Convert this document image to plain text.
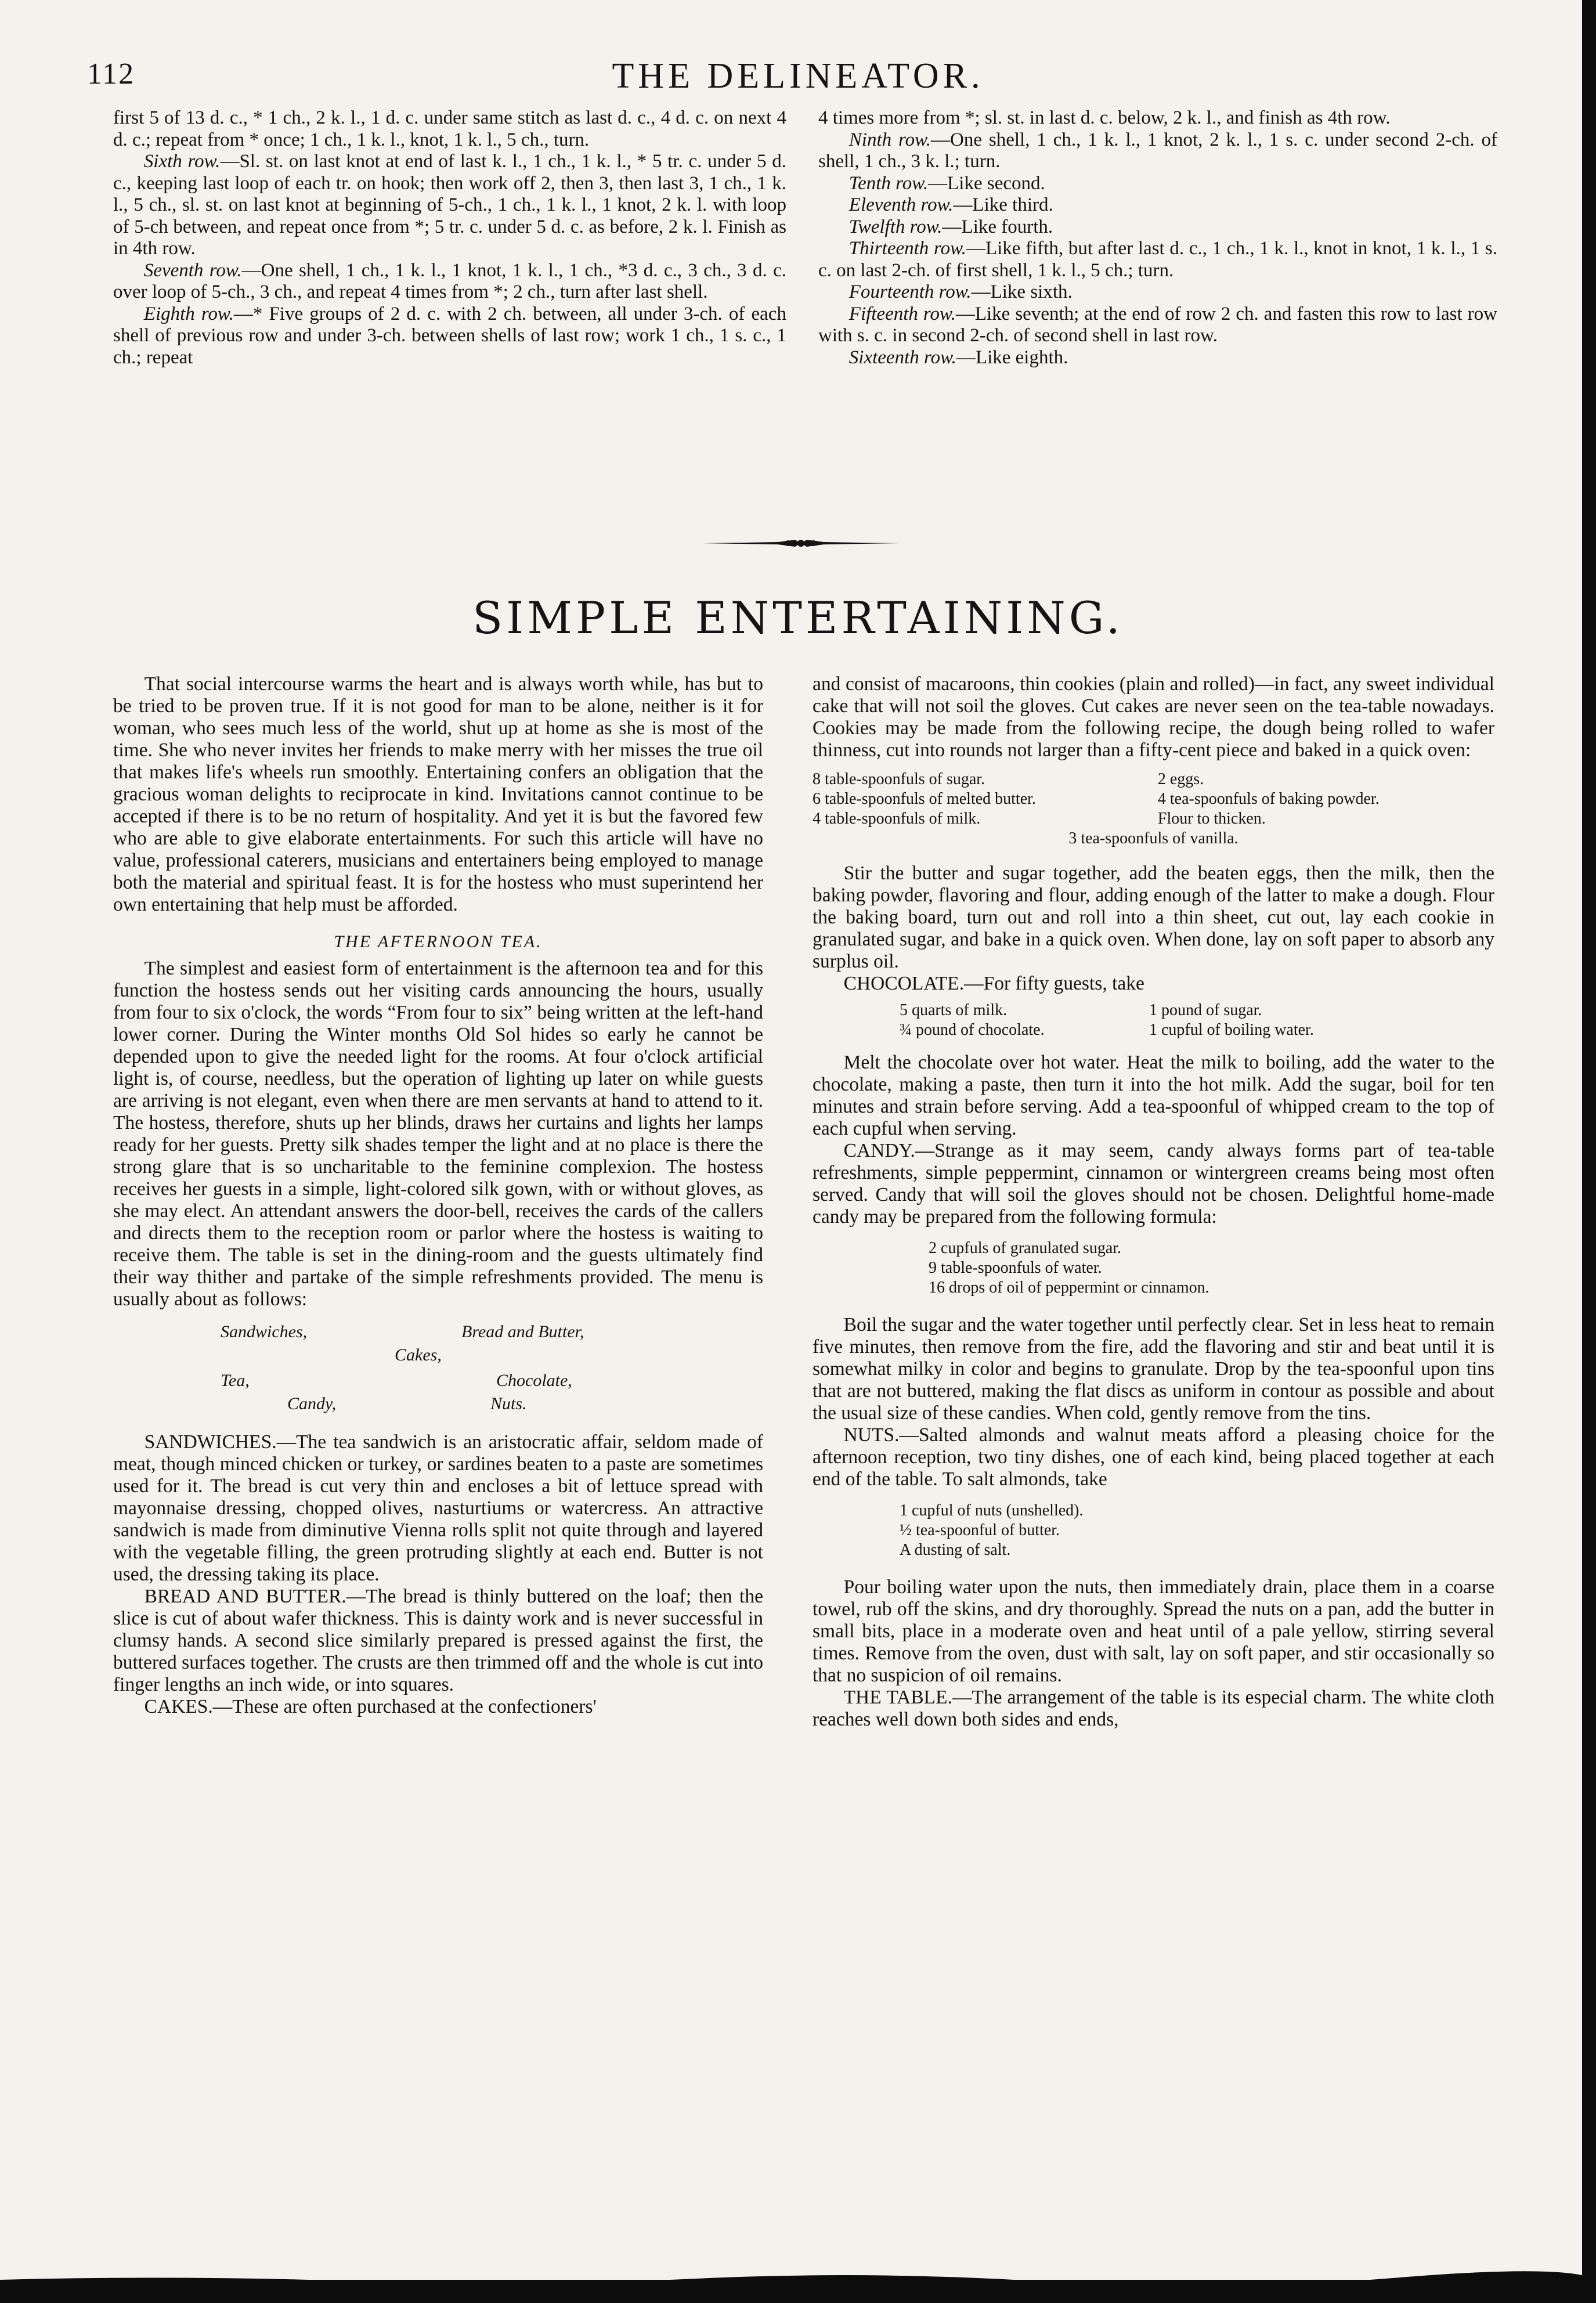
112	THE DELINEATOR.

first 5 of 13 d. c., * 1 ch., 2 k. l., 1 d. c. under same stitch as last d. c., 4 d. c. on next 4 d. c.; repeat from * once; 1 ch., 1 k. l., knot, 1 k. l., 5 ch., turn.

Sixth row.—Sl. st. on last knot at end of last k. l., 1 ch., 1 k. l., * 5 tr. c. under 5 d. c., keeping last loop of each tr. on hook; then work off 2, then 3, then last 3, 1 ch., 1 k. l., 5 ch., sl. st. on last knot at beginning of 5-ch., 1 ch., 1 k. l., 1 knot, 2 k. l. with loop of 5-ch between, and repeat once from *; 5 tr. c. under 5 d. c. as before, 2 k. l. Finish as in 4th row.

Seventh row.—One shell, 1 ch., 1 k. l., 1 knot, 1 k. l., 1 ch., *3 d. c., 3 ch., 3 d. c. over loop of 5-ch., 3 ch., and repeat 4 times from *; 2 ch., turn after last shell.

Eighth row.—* Five groups of 2 d. c. with 2 ch. between, all under 3-ch. of each shell of previous row and under 3-ch. between shells of last row; work 1 ch., 1 s. c., 1 ch.; repeat

4 times more from *; sl. st. in last d. c. below, 2 k. l., and finish as 4th row.

Ninth row.—One shell, 1 ch., 1 k. l., 1 knot, 2 k. l., 1 s. c. under second 2-ch. of shell, 1 ch., 3 k. l.; turn.

Tenth row.—Like second.

Eleventh row.—Like third.

Twelfth row.—Like fourth.

Thirteenth row.—Like fifth, but after last d. c., 1 ch., 1 k. l., knot in knot, 1 k. l., 1 s. c. on last 2-ch. of first shell, 1 k. l., 5 ch.; turn.

Fourteenth row.—Like sixth.

Fifteenth row.—Like seventh; at the end of row 2 ch. and fasten this row to last row with s. c. in second 2-ch. of second shell in last row.

Sixteenth row.—Like eighth.

SIMPLE ENTERTAINING.

That social intercourse warms the heart and is always worth while, has but to be tried to be proven true. If it is not good for man to be alone, neither is it for woman, who sees much less of the world, shut up at home as she is most of the time. She who never invites her friends to make merry with her misses the true oil that makes life's wheels run smoothly. Entertaining confers an obligation that the gracious woman delights to reciprocate in kind. Invitations cannot continue to be accepted if there is to be no return of hospitality. And yet it is but the favored few who are able to give elaborate entertainments. For such this article will have no value, professional caterers, musicians and entertainers being employed to manage both the material and spiritual feast. It is for the hostess who must superintend her own entertaining that help must be afforded.

THE AFTERNOON TEA.

The simplest and easiest form of entertainment is the afternoon tea and for this function the hostess sends out her visiting cards announcing the hours, usually from four to six o'clock, the words “From four to six” being written at the left-hand lower corner. During the Winter months Old Sol hides so early he cannot be depended upon to give the needed light for the rooms. At four o'clock artificial light is, of course, needless, but the operation of lighting up later on while guests are arriving is not elegant, even when there are men servants at hand to attend to it. The hostess, therefore, shuts up her blinds, draws her curtains and lights her lamps ready for her guests. Pretty silk shades temper the light and at no place is there the strong glare that is so uncharitable to the feminine complexion. The hostess receives her guests in a simple, light-colored silk gown, with or without gloves, as she may elect. An attendant answers the door-bell, receives the cards of the callers and directs them to the reception room or parlor where the hostess is waiting to receive them. The table is set in the dining-room and the guests ultimately find their way thither and partake of the simple refreshments provided. The menu is usually about as follows:

Sandwiches,	Bread and Butter,
Cakes,
Tea,	Chocolate,
Candy,	Nuts.

SANDWICHES.—The tea sandwich is an aristocratic affair, seldom made of meat, though minced chicken or turkey, or sardines beaten to a paste are sometimes used for it. The bread is cut very thin and encloses a bit of lettuce spread with mayonnaise dressing, chopped olives, nasturtiums or watercress. An attractive sandwich is made from diminutive Vienna rolls split not quite through and layered with the vegetable filling, the green protruding slightly at each end. Butter is not used, the dressing taking its place.

BREAD AND BUTTER.—The bread is thinly buttered on the loaf; then the slice is cut of about wafer thickness. This is dainty work and is never successful in clumsy hands. A second slice similarly prepared is pressed against the first, the buttered surfaces together. The crusts are then trimmed off and the whole is cut into finger lengths an inch wide, or into squares.

CAKES.—These are often purchased at the confectioners'

and consist of macaroons, thin cookies (plain and rolled)—in fact, any sweet individual cake that will not soil the gloves. Cut cakes are never seen on the tea-table nowadays. Cookies may be made from the following recipe, the dough being rolled to wafer thinness, cut into rounds not larger than a fifty-cent piece and baked in a quick oven:

8 table-spoonfuls of sugar.	2 eggs.
6 table-spoonfuls of melted butter.	4 tea-spoonfuls of baking powder.
4 table-spoonfuls of milk.	Flour to thicken.
3 tea-spoonfuls of vanilla.	

Stir the butter and sugar together, add the beaten eggs, then the milk, then the baking powder, flavoring and flour, adding enough of the latter to make a dough. Flour the baking board, turn out and roll into a thin sheet, cut out, lay each cookie in granulated sugar, and bake in a quick oven. When done, lay on soft paper to absorb any surplus oil.

CHOCOLATE.—For fifty guests, take

5 quarts of milk.	1 pound of sugar.
¾ pound of chocolate.	1 cupful of boiling water.

Melt the chocolate over hot water. Heat the milk to boiling, add the water to the chocolate, making a paste, then turn it into the hot milk. Add the sugar, boil for ten minutes and strain before serving. Add a tea-spoonful of whipped cream to the top of each cupful when serving.

CANDY.—Strange as it may seem, candy always forms part of tea-table refreshments, simple peppermint, cinnamon or wintergreen creams being most often served. Candy that will soil the gloves should not be chosen. Delightful home-made candy may be prepared from the following formula:

2 cupfuls of granulated sugar.
9 table-spoonfuls of water.
16 drops of oil of peppermint or cinnamon.

Boil the sugar and the water together until perfectly clear. Set in less heat to remain five minutes, then remove from the fire, add the flavoring and stir and beat until it is somewhat milky in color and begins to granulate. Drop by the tea-spoonful upon tins that are not buttered, making the flat discs as uniform in contour as possible and about the usual size of these candies. When cold, gently remove from the tins.

NUTS.—Salted almonds and walnut meats afford a pleasing choice for the afternoon reception, two tiny dishes, one of each kind, being placed together at each end of the table. To salt almonds, take

1 cupful of nuts (unshelled).
½ tea-spoonful of butter.
A dusting of salt.

Pour boiling water upon the nuts, then immediately drain, place them in a coarse towel, rub off the skins, and dry thoroughly. Spread the nuts on a pan, add the butter in small bits, place in a moderate oven and heat until of a pale yellow, stirring several times. Remove from the oven, dust with salt, lay on soft paper, and stir occasionally so that no suspicion of oil remains.

THE TABLE.—The arrangement of the table is its especial charm. The white cloth reaches well down both sides and ends,
